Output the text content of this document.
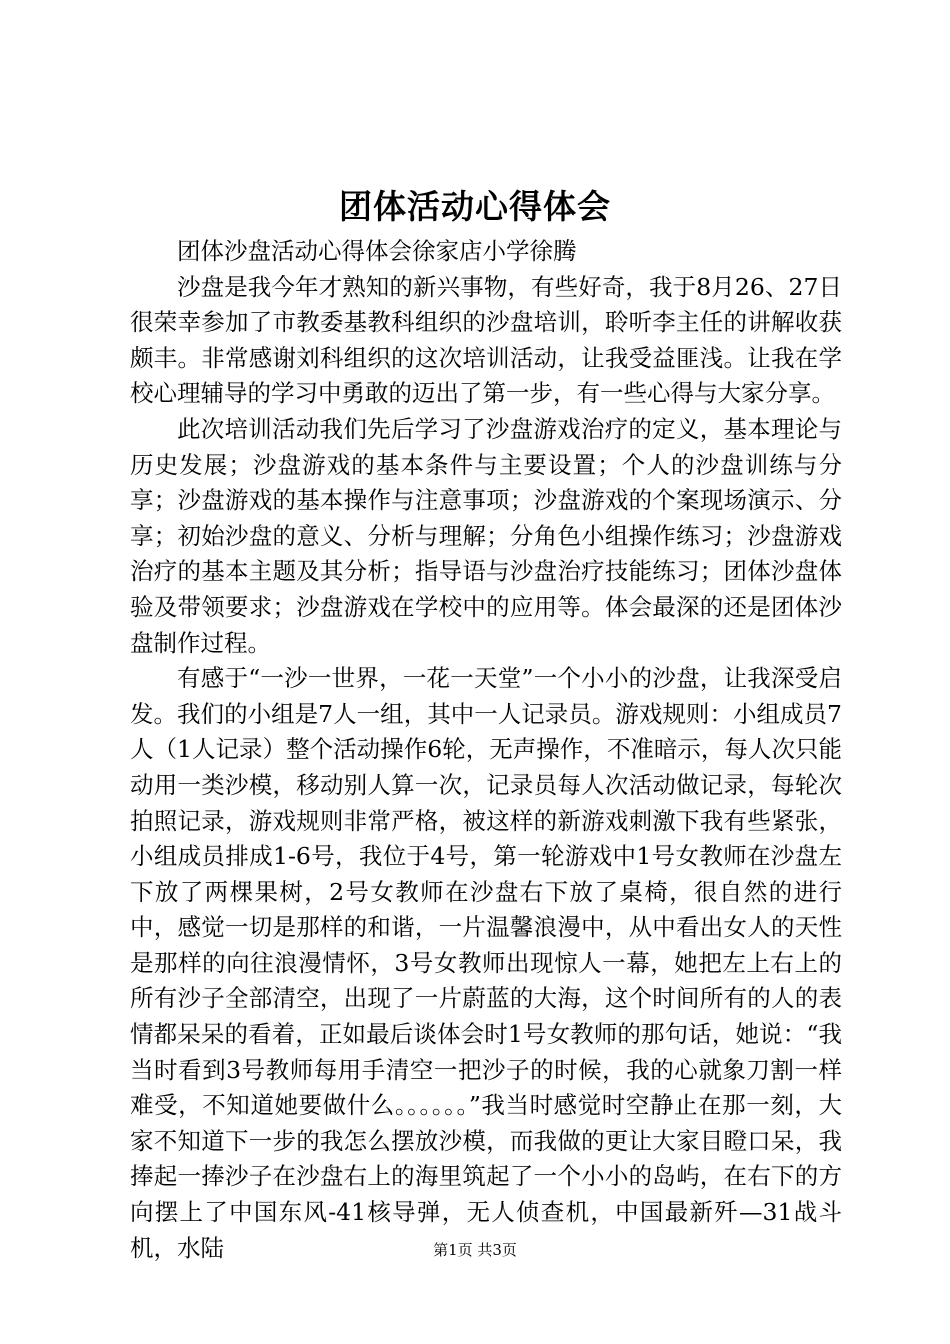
团体活动心得体会

团体沙盘活动心得体会徐家店小学徐腾

沙盘是我今年才熟知的新兴事物，有些好奇，我于8月26、27日很荣幸参加了市教委基教科组织的沙盘培训，聆听李主任的讲解收获颇丰。非常感谢刘科组织的这次培训活动，让我受益匪浅。让我在学校心理辅导的学习中勇敢的迈出了第一步，有一些心得与大家分享。

此次培训活动我们先后学习了沙盘游戏治疗的定义，基本理论与历史发展；沙盘游戏的基本条件与主要设置；个人的沙盘训练与分享；沙盘游戏的基本操作与注意事项；沙盘游戏的个案现场演示、分享；初始沙盘的意义、分析与理解；分角色小组操作练习；沙盘游戏治疗的基本主题及其分析；指导语与沙盘治疗技能练习；团体沙盘体验及带领要求；沙盘游戏在学校中的应用等。体会最深的还是团体沙盘制作过程。

有感于“一沙一世界，一花一天堂”一个小小的沙盘，让我深受启发。我们的小组是7人一组，其中一人记录员。游戏规则：小组成员7人（1人记录）整个活动操作6轮，无声操作，不准暗示，每人次只能动用一类沙模，移动别人算一次，记录员每人次活动做记录，每轮次拍照记录，游戏规则非常严格，被这样的新游戏刺激下我有些紧张，小组成员排成1-6号，我位于4号，第一轮游戏中1号女教师在沙盘左下放了两棵果树，2号女教师在沙盘右下放了桌椅，很自然的进行中，感觉一切是那样的和谐，一片温馨浪漫中，从中看出女人的天性是那样的向往浪漫情怀，3号女教师出现惊人一幕，她把左上右上的所有沙子全部清空，出现了一片蔚蓝的大海，这个时间所有的人的表情都呆呆的看着，正如最后谈体会时1号女教师的那句话，她说：“我当时看到3号教师每用手清空一把沙子的时候，我的心就象刀割一样难受，不知道她要做什么。。。。。。”我当时感觉时空静止在那一刻，大家不知道下一步的我怎么摆放沙模，而我做的更让大家目瞪口呆，我捧起一捧沙子在沙盘右上的海里筑起了一个小小的岛屿，在右下的方向摆上了中国东风-41核导弹，无人侦查机，中国最新歼—31战斗机，水陆	第1页 共3页
